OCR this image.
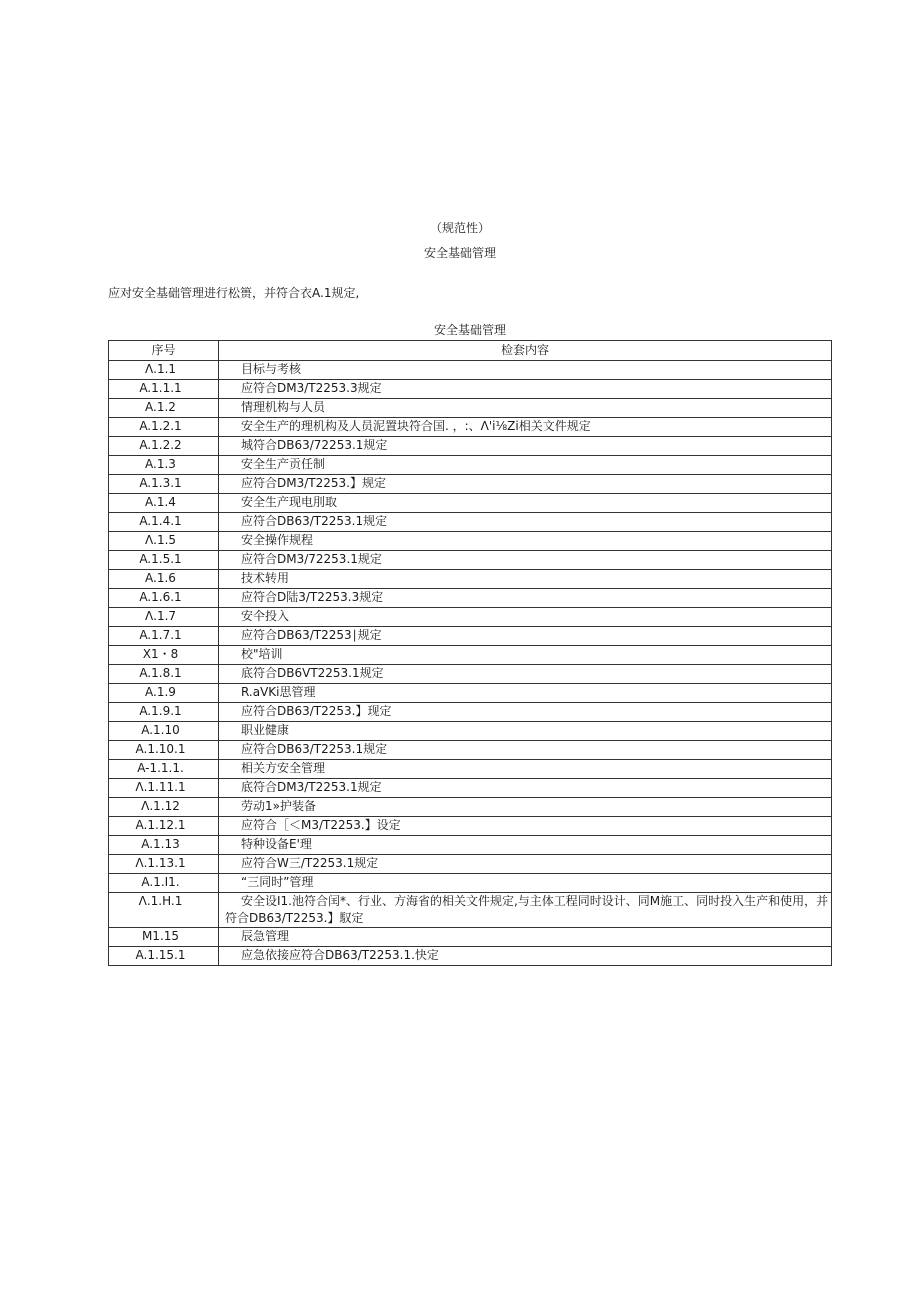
（规范性）
安全基础管理
应对安全基础管理进行松篑，并符合衣A.1规定,
安全基础管理
序号	检套内容
Λ.1.1	目标与考核
A.1.1.1	应符合DM3/T2253.3规定
A.1.2	情理机构与人员
A.1.2.1	安全生产的理机构及人员泥置块符合国. ，:、Λ'i⅛Zi相关文件规定
A.1.2.2	城符合DB63/72253.1规定
A.1.3	安全生产贡任制
A.1.3.1	应符合DM3/T2253.】规定
A.1.4	安全生产现电刖取
A.1.4.1	应符合DB63/T2253.1规定
Λ.1.5	安全操作规程
A.1.5.1	应符合DM3/72253.1规定
A.1.6	技术转用
A.1.6.1	应符合D陆3/T2253.3规定
Λ.1.7	安仐投入
A.1.7.1	应符合DB63/T2253∣规定
X1・8	校"培训
A.1.8.1	底符合DB6VT2253.1规定
A.1.9	R.aVKi思管理
A.1.9.1	应符合DB63∕T2253.】现定
A.1.10	职业健康
A.1.10.1	应符合DB63/T2253.1规定
A-1.1.1.	相关方安全管理
Λ.1.11.1	底符合DM3/T2253.1规定
Λ.1.12	劳动1»护装备
A.1.12.1	应符合［＜M3∕T2253.】设定
A.1.13	特种设备E'理
Λ.1.13.1	应符合W三/T2253.1规定
A.1.I1.	“三同时”管理
Λ.1.H.1	安全设I1.池符合闰*、行业、方海省的相关文件规定,与主体工程同时设计、同M施工、同时投入生产和使用，并符合DB63/T2253.】馭定
M1.15	辰急管理
A.1.15.1	应急依接应符合DB63/T2253.1.快定
